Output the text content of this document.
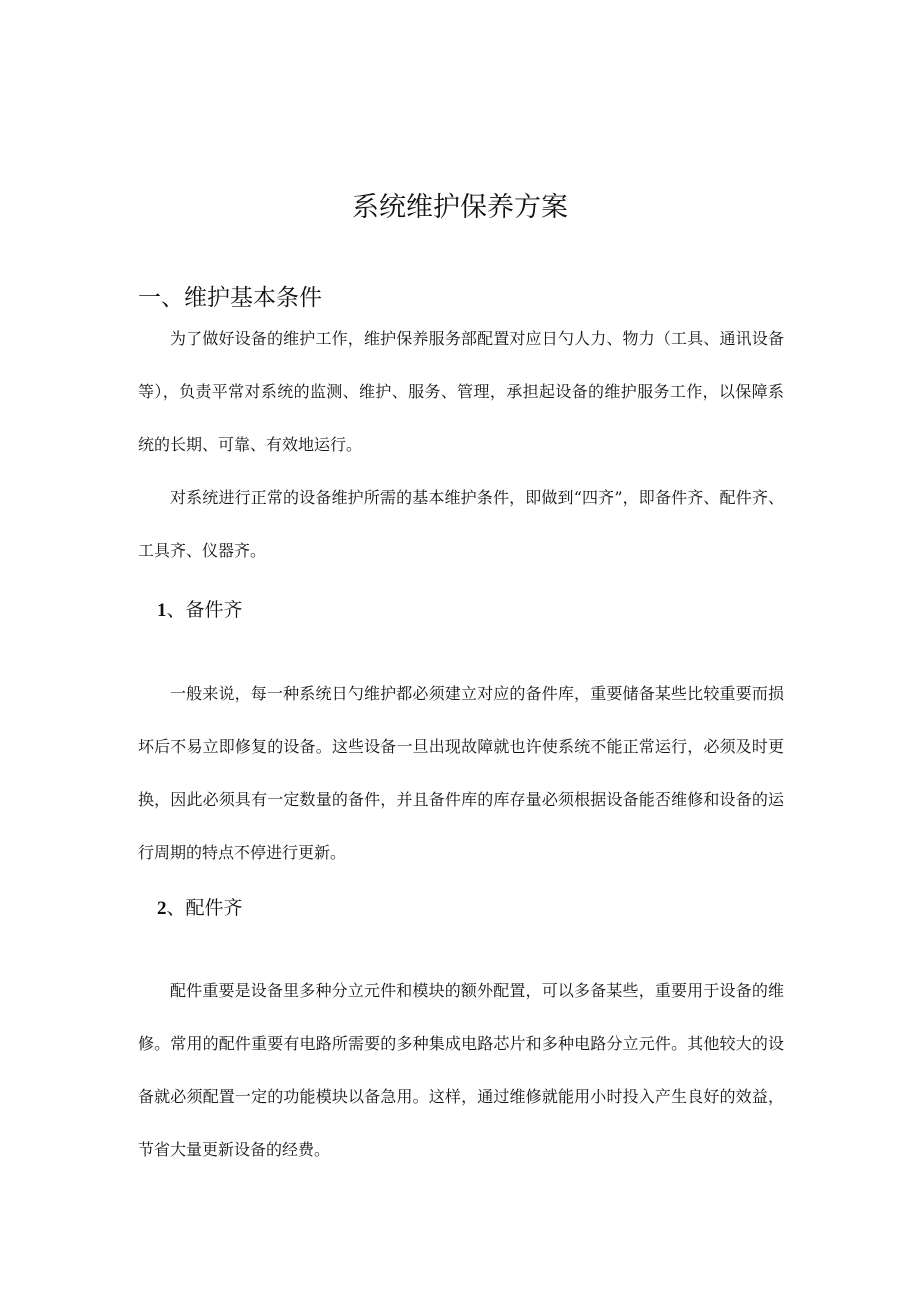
系统维护保养方案
一、维护基本条件

为了做好设备的维护工作，维护保养服务部配置对应日勺人力、物力（工具、通讯设备等），负责平常对系统的监测、维护、服务、管理，承担起设备的维护服务工作，以保障系统的长期、可靠、有效地运行。

对系统进行正常的设备维护所需的基本维护条件，即做到“四齐”，即备件齐、配件齐、工具齐、仪器齐。

1、备件齐

一般来说，每一种系统日勺维护都必须建立对应的备件库，重要储备某些比较重要而损坏后不易立即修复的设备。这些设备一旦出现故障就也许使系统不能正常运行，必须及时更换，因此必须具有一定数量的备件，并且备件库的库存量必须根据设备能否维修和设备的运行周期的特点不停进行更新。

2、配件齐

配件重要是设备里多种分立元件和模块的额外配置，可以多备某些，重要用于设备的维修。常用的配件重要有电路所需要的多种集成电路芯片和多种电路分立元件。其他较大的设备就必须配置一定的功能模块以备急用。这样，通过维修就能用小时投入产生良好的效益，节省大量更新设备的经费。
